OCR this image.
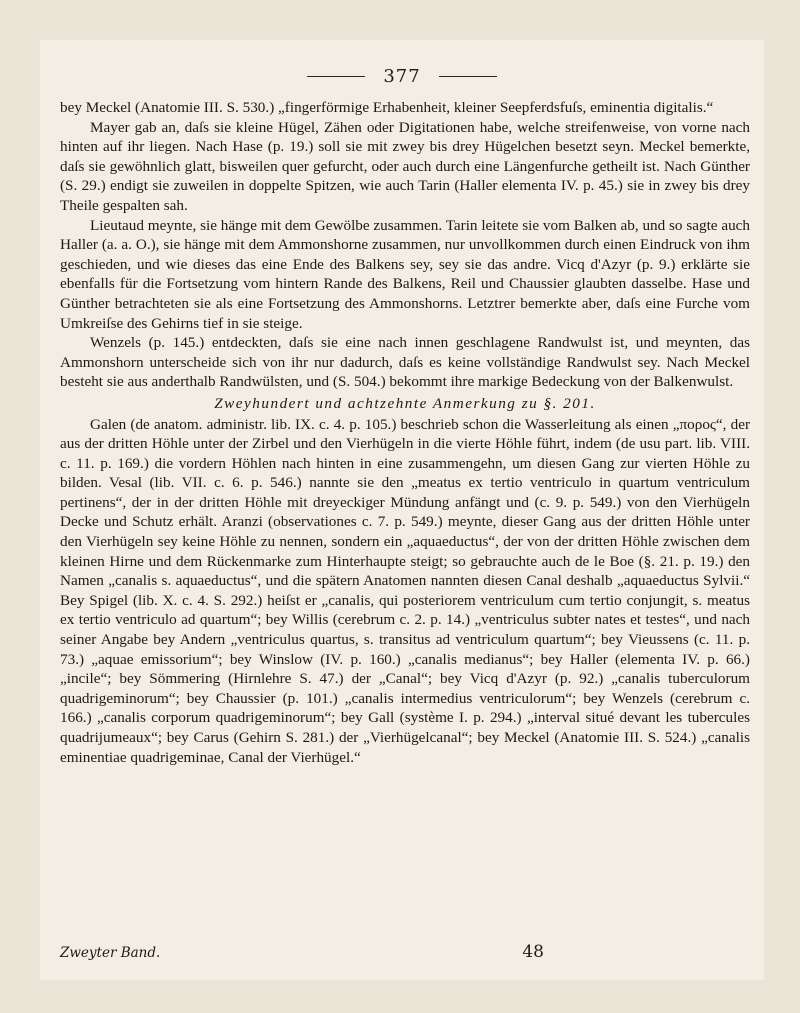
377

bey Meckel (Anatomie III. S. 530.) „fingerförmige Erhabenheit, kleiner Seepferdsfuſs, eminentia digitalis.“

Mayer gab an, daſs sie kleine Hügel, Zähen oder Digitationen habe, welche streifenweise, von vorne nach hinten auf ihr liegen. Nach Hase (p. 19.) soll sie mit zwey bis drey Hügelchen besetzt seyn. Meckel bemerkte, daſs sie gewöhnlich glatt, bisweilen quer gefurcht, oder auch durch eine Längenfurche getheilt ist. Nach Günther (S. 29.) endigt sie zuweilen in doppelte Spitzen, wie auch Tarin (Haller elementa IV. p. 45.) sie in zwey bis drey Theile gespalten sah.

Lieutaud meynte, sie hänge mit dem Gewölbe zusammen. Tarin leitete sie vom Balken ab, und so sagte auch Haller (a. a. O.), sie hänge mit dem Ammonshorne zusammen, nur unvollkommen durch einen Eindruck von ihm geschieden, und wie dieses das eine Ende des Balkens sey, sey sie das andre. Vicq d'Azyr (p. 9.) erklärte sie ebenfalls für die Fortsetzung vom hintern Rande des Balkens, Reil und Chaussier glaubten dasselbe. Hase und Günther betrachteten sie als eine Fortsetzung des Ammonshorns. Letztrer bemerkte aber, daſs eine Furche vom Umkreiſse des Gehirns tief in sie steige.

Wenzels (p. 145.) entdeckten, daſs sie eine nach innen geschlagene Randwulst ist, und meynten, das Ammonshorn unterscheide sich von ihr nur dadurch, daſs es keine vollständige Randwulst sey. Nach Meckel besteht sie aus anderthalb Randwülsten, und (S. 504.) bekommt ihre markige Bedeckung von der Balkenwulst.

Zweyhundert und achtzehnte Anmerkung zu §. 201.

Galen (de anatom. administr. lib. IX. c. 4. p. 105.) beschrieb schon die Wasserleitung als einen „πορος“, der aus der dritten Höhle unter der Zirbel und den Vierhügeln in die vierte Höhle führt, indem (de usu part. lib. VIII. c. 11. p. 169.) die vordern Höhlen nach hinten in eine zusammengehn, um diesen Gang zur vierten Höhle zu bilden. Vesal (lib. VII. c. 6. p. 546.) nannte sie den „meatus ex tertio ventriculo in quartum ventriculum pertinens“, der in der dritten Höhle mit dreyeckiger Mündung anfängt und (c. 9. p. 549.) von den Vierhügeln Decke und Schutz erhält. Aranzi (observationes c. 7. p. 549.) meynte, dieser Gang aus der dritten Höhle unter den Vierhügeln sey keine Höhle zu nennen, sondern ein „aquaeductus“, der von der dritten Höhle zwischen dem kleinen Hirne und dem Rückenmarke zum Hinterhaupte steigt; so gebrauchte auch de le Boe (§. 21. p. 19.) den Namen „canalis s. aquaeductus“, und die spätern Anatomen nannten diesen Canal deshalb „aquaeductus Sylvii.“ Bey Spigel (lib. X. c. 4. S. 292.) heiſst er „canalis, qui posteriorem ventriculum cum tertio conjungit, s. meatus ex tertio ventriculo ad quartum“; bey Willis (cerebrum c. 2. p. 14.) „ventriculus subter nates et testes“, und nach seiner Angabe bey Andern „ventriculus quartus, s. transitus ad ventriculum quartum“; bey Vieussens (c. 11. p. 73.) „aquae emissorium“; bey Winslow (IV. p. 160.) „canalis medianus“; bey Haller (elementa IV. p. 66.) „incile“; bey Sömmering (Hirnlehre S. 47.) der „Canal“; bey Vicq d'Azyr (p. 92.) „canalis tuberculorum quadrigeminorum“; bey Chaussier (p. 101.) „canalis intermedius ventriculorum“; bey Wenzels (cerebrum c. 166.) „canalis corporum quadrigeminorum“; bey Gall (système I. p. 294.) „interval situé devant les tubercules quadrijumeaux“; bey Carus (Gehirn S. 281.) der „Vierhügelcanal“; bey Meckel (Anatomie III. S. 524.) „canalis eminentiae quadrigeminae, Canal der Vierhügel.“

Zweyter Band.	48
